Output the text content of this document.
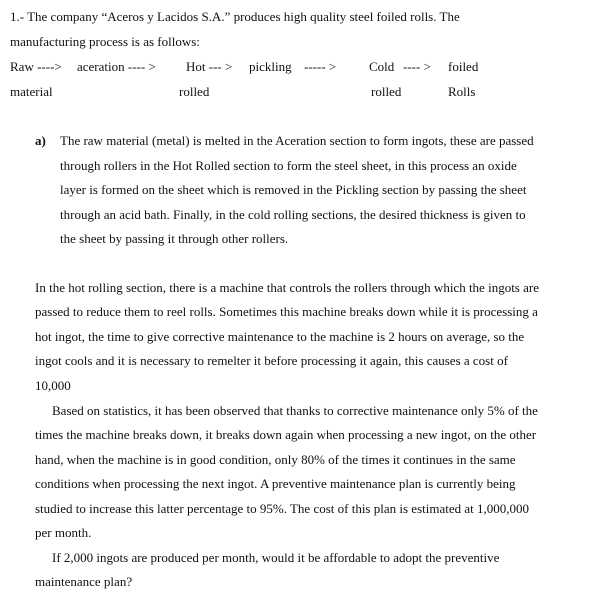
1.- The company “Aceros y Lacidos S.A.” produces high quality steel foiled rolls. The
manufacturing process is as follows:
Raw ----> aceration ---- > Hot --- > pickling ----- >	Cold ---- > foiled
material	rolled	rolled	Rolls
a) The raw material (metal) is melted in the Aceration section to form ingots, these are passed
through rollers in the Hot Rolled section to form the steel sheet, in this process an oxide
layer is formed on the sheet which is removed in the Pickling section by passing the sheet
through an acid bath. Finally, in the cold rolling sections, the desired thickness is given to
the sheet by passing it through other rollers.
In the hot rolling section, there is a machine that controls the rollers through which the ingots are
passed to reduce them to reel rolls. Sometimes this machine breaks down while it is processing a
hot ingot, the time to give corrective maintenance to the machine is 2 hours on average, so the
ingot cools and it is necessary to remelter it before processing it again, this causes a cost of
10,000
Based on statistics, it has been observed that thanks to corrective maintenance only 5% of the
times the machine breaks down, it breaks down again when processing a new ingot, on the other
hand, when the machine is in good condition, only 80% of the times it continues in the same
conditions when processing the next ingot. A preventive maintenance plan is currently being
studied to increase this latter percentage to 95%. The cost of this plan is estimated at 1,000,000
per month.
If 2,000 ingots are produced per month, would it be affordable to adopt the preventive
maintenance plan?
